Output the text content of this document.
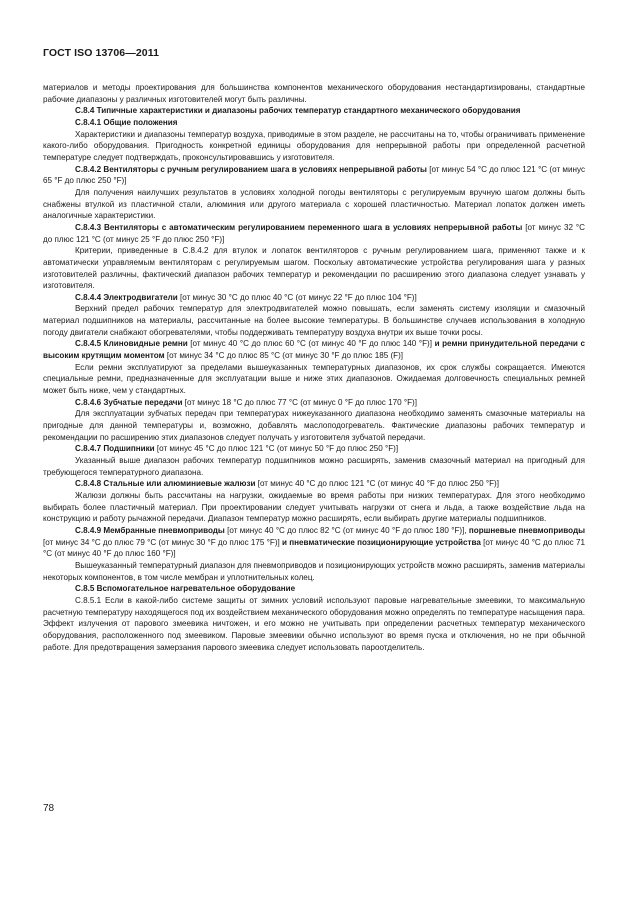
ГОСТ ISO 13706—2011

материалов и методы проектирования для большинства компонентов механического оборудования нестандартизированы, стандартные рабочие диапазоны у различных изготовителей могут быть различны.

С.8.4 Типичные характеристики и диапазоны рабочих температур стандартного механического оборудования

С.8.4.1 Общие положения

Характеристики и диапазоны температур воздуха, приводимые в этом разделе, не рассчитаны на то, чтобы ограничивать применение какого-либо оборудования. Пригодность конкретной единицы оборудования для непрерывной работы при определенной расчетной температуре следует подтверждать, проконсультировавшись у изготовителя.

С.8.4.2 Вентиляторы с ручным регулированием шага в условиях непрерывной работы [от минус 54 °С до плюс 121 °С (от минус 65 °F до плюс 250 °F)]

Для получения наилучших результатов в условиях холодной погоды вентиляторы с регулируемым вручную шагом должны быть снабжены втулкой из пластичной стали, алюминия или другого материала с хорошей пластичностью. Материал лопаток должен иметь аналогичные характеристики.

С.8.4.3 Вентиляторы с автоматическим регулированием переменного шага в условиях непрерывной работы [от минус 32 °С до плюс 121 °С (от минус 25 °F до плюс 250 °F)]

Критерии, приведенные в С.8.4.2 для втулок и лопаток вентиляторов с ручным регулированием шага, применяют также и к автоматически управляемым вентиляторам с регулируемым шагом. Поскольку автоматические устройства регулирования шага у разных изготовителей различны, фактический диапазон рабочих температур и рекомендации по расширению этого диапазона следует узнавать у изготовителя.

С.8.4.4 Электродвигатели [от минус 30 °С до плюс 40 °С (от минус 22 °F до плюс 104 °F)]

Верхний предел рабочих температур для электродвигателей можно повышать, если заменять систему изоляции и смазочный материал подшипников на материалы, рассчитанные на более высокие температуры. В большинстве случаев использования в холодную погоду двигатели снабжают обогревателями, чтобы поддерживать температуру воздуха внутри их выше точки росы.

С.8.4.5 Клиновидные ремни [от минус 40 °С до плюс 60 °С (от минус 40 °F до плюс 140 °F)] и ремни принудительной передачи с высоким крутящим моментом [от минус 34 °С до плюс 85 °С (от минус 30 °F до плюс 185 (F)]

Если ремни эксплуатируют за пределами вышеуказанных температурных диапазонов, их срок службы сокращается. Имеются специальные ремни, предназначенные для эксплуатации выше и ниже этих диапазонов. Ожидаемая долговечность специальных ремней может быть ниже, чем у стандартных.

С.8.4.6 Зубчатые передачи [от минус 18 °С до плюс 77 °С (от минус 0 °F до плюс 170 °F)]

Для эксплуатации зубчатых передач при температурах нижеуказанного диапазона необходимо заменять смазочные материалы на пригодные для данной температуры и, возможно, добавлять маслоподогреватель. Фактические диапазоны рабочих температур и рекомендации по расширению этих диапазонов следует получать у изготовителя зубчатой передачи.

С.8.4.7 Подшипники [от минус 45 °С до плюс 121 °С (от минус 50 °F до плюс 250 °F)]

Указанный выше диапазон рабочих температур подшипников можно расширять, заменив смазочный материал на пригодный для требующегося температурного диапазона.

С.8.4.8 Стальные или алюминиевые жалюзи [от минус 40 °С до плюс 121 °С (от минус 40 °F до плюс 250 °F)]

Жалюзи должны быть рассчитаны на нагрузки, ожидаемые во время работы при низких температурах. Для этого необходимо выбирать более пластичный материал. При проектировании следует учитывать нагрузки от снега и льда, а также воздействие льда на конструкцию и работу рычажной передачи. Диапазон температур можно расширять, если выбирать другие материалы подшипников.

С.8.4.9 Мембранные пневмоприводы [от минус 40 °С до плюс 82 °С (от минус 40 °F до плюс 180 °F)], поршневые пневмоприводы [от минус 34 °С до плюс 79 °С (от минус 30 °F до плюс 175 °F)] и пневматические позиционирующие устройства [от минус 40 °С до плюс 71 °С (от минус 40 °F до плюс 160 °F)]

Вышеуказанный температурный диапазон для пневмоприводов и позиционирующих устройств можно расширять, заменив материалы некоторых компонентов, в том числе мембран и уплотнительных колец.

С.8.5 Вспомогательное нагревательное оборудование

С.8.5.1 Если в какой-либо системе защиты от зимних условий используют паровые нагревательные змеевики, то максимальную расчетную температуру находящегося под их воздействием механического оборудования можно определять по температуре насыщения пара. Эффект излучения от парового змеевика ничтожен, и его можно не учитывать при определении расчетных температур механического оборудования, расположенного под змеевиком. Паровые змеевики обычно используют во время пуска и отключения, но не при обычной работе. Для предотвращения замерзания парового змеевика следует использовать пароотделитель.

78
